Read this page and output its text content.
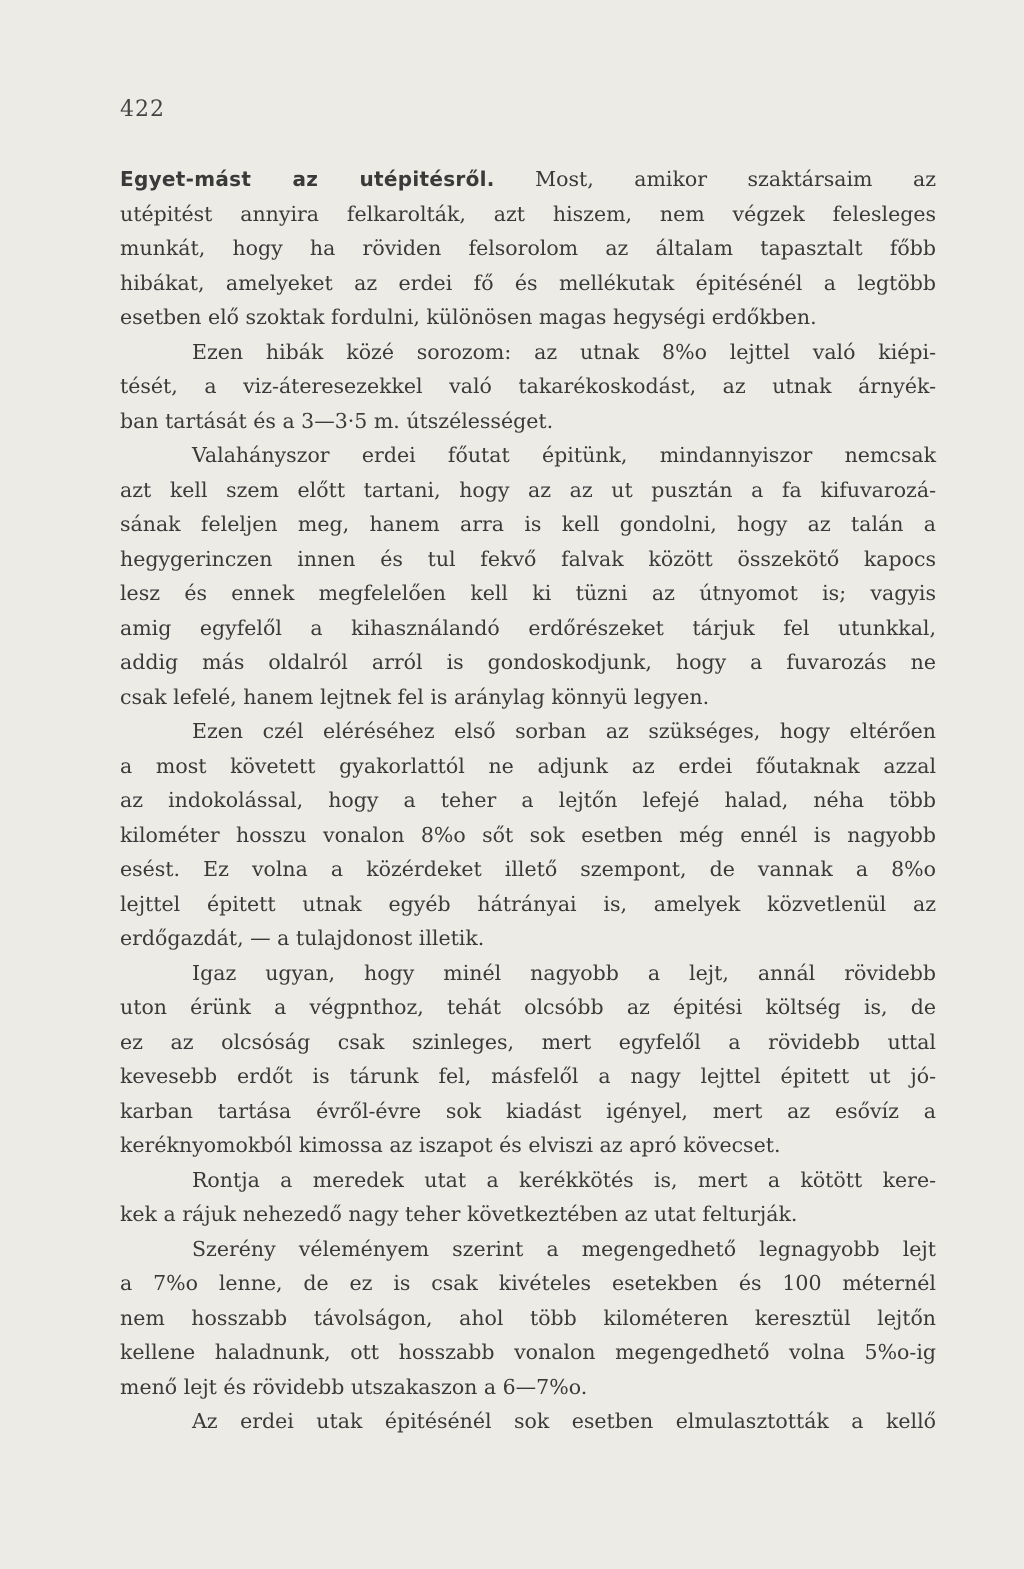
422
Egyet-mást az utépitésről. Most, amikor szaktársaim az
utépitést annyira felkarolták, azt hiszem, nem végzek felesleges
munkát, hogy ha röviden felsorolom az általam tapasztalt főbb
hibákat, amelyeket az erdei fő és mellékutak épitésénél a legtöbb
esetben elő szoktak fordulni, különösen magas hegységi erdőkben.
Ezen hibák közé sorozom: az utnak 8%o lejttel való kiépi-
tését, a viz-áteresezekkel való takarékoskodást, az utnak árnyék-
ban tartását és a 3—3·5 m. útszélességet.
Valahányszor erdei főutat épitünk, mindannyiszor nemcsak
azt kell szem előtt tartani, hogy az az ut pusztán a fa kifuvarozá-
sának feleljen meg, hanem arra is kell gondolni, hogy az talán a
hegygerinczen innen és tul fekvő falvak között összekötő kapocs
lesz és ennek megfelelően kell ki tüzni az útnyomot is; vagyis
amig egyfelől a kihasználandó erdőrészeket tárjuk fel utunkkal,
addig más oldalról arról is gondoskodjunk, hogy a fuvarozás ne
csak lefelé, hanem lejtnek fel is aránylag könnyü legyen.
Ezen czél eléréséhez első sorban az szükséges, hogy eltérően
a most követett gyakorlattól ne adjunk az erdei főutaknak azzal
az indokolással, hogy a teher a lejtőn lefejé halad, néha több
kilométer hosszu vonalon 8%o sőt sok esetben még ennél is nagyobb
esést. Ez volna a közérdeket illető szempont, de vannak a 8%o
lejttel épitett utnak egyéb hátrányai is, amelyek közvetlenül az
erdőgazdát, — a tulajdonost illetik.
Igaz ugyan, hogy minél nagyobb a lejt, annál rövidebb
uton érünk a végpnthoz, tehát olcsóbb az épitési költség is, de
ez az olcsóság csak szinleges, mert egyfelől a rövidebb uttal
kevesebb erdőt is tárunk fel, másfelől a nagy lejttel épitett ut jó-
karban tartása évről-évre sok kiadást igényel, mert az esővíz a
keréknyomokból kimossa az iszapot és elviszi az apró kövecset.
Rontja a meredek utat a kerékkötés is, mert a kötött kere-
kek a rájuk nehezedő nagy teher következtében az utat felturják.
Szerény véleményem szerint a megengedhető legnagyobb lejt
a 7%o lenne, de ez is csak kivételes esetekben és 100 méternél
nem hosszabb távolságon, ahol több kilométeren keresztül lejtőn
kellene haladnunk, ott hosszabb vonalon megengedhető volna 5%o-ig
menő lejt és rövidebb utszakaszon a 6—7%o.
Az erdei utak épitésénél sok esetben elmulasztották a kellő
